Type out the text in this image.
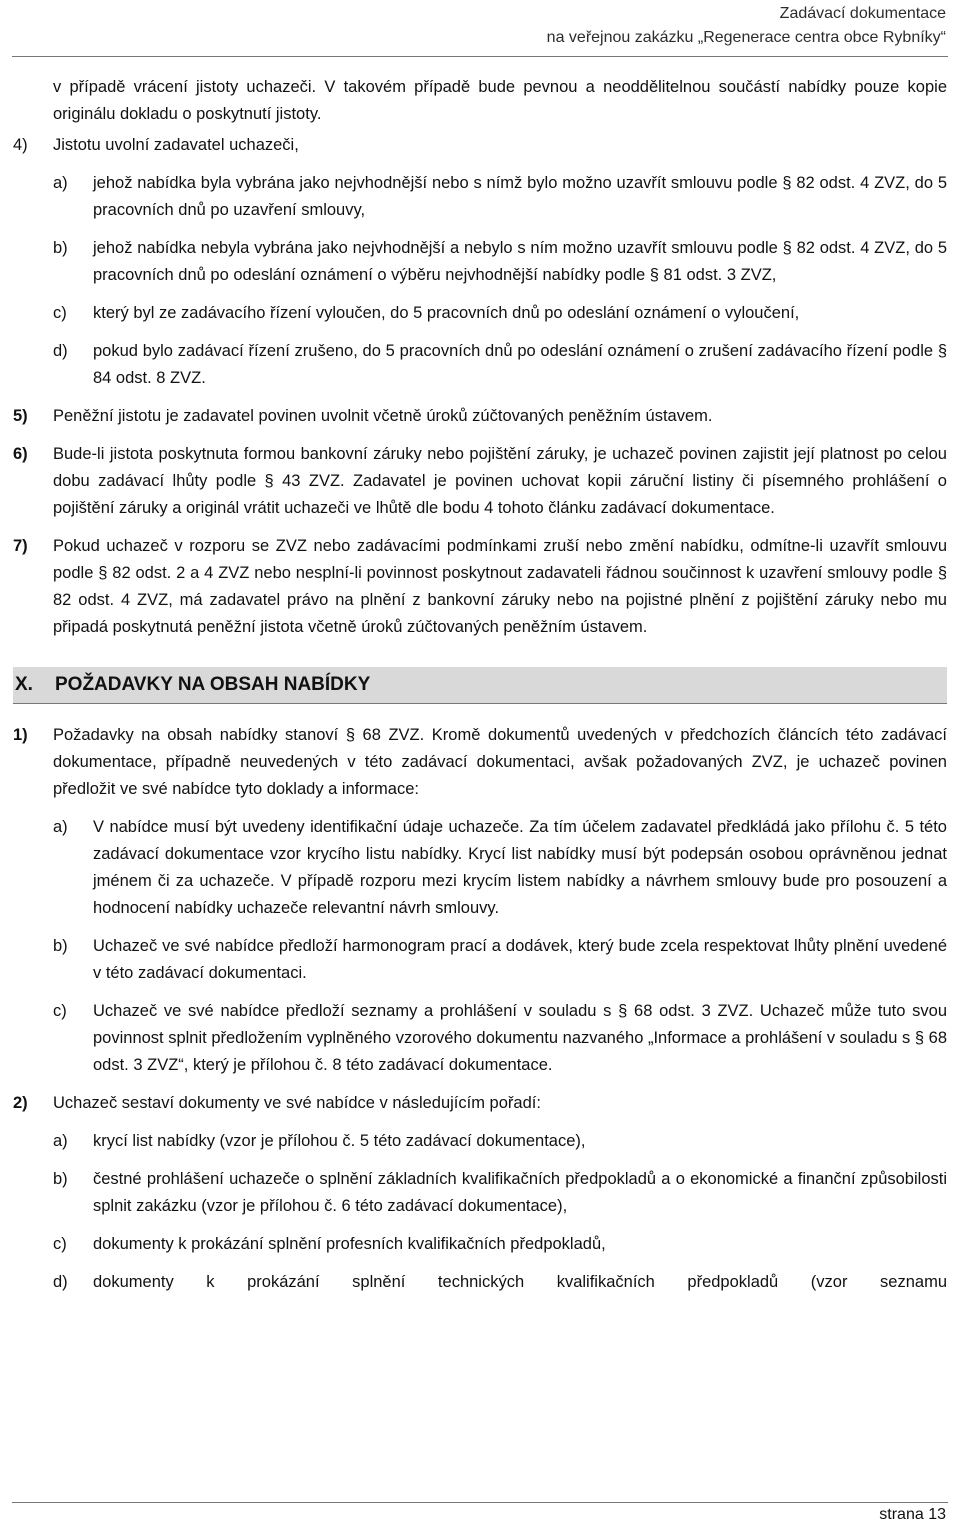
Zadávací dokumentace
na veřejnou zakázku „Regenerace centra obce Rybníky“

v případě vrácení jistoty uchazeči. V takovém případě bude pevnou a neoddělitelnou součástí nabídky pouze kopie originálu dokladu o poskytnutí jistoty.

4)	Jistotu uvolní zadavatel uchazeči,

a)	jehož nabídka byla vybrána jako nejvhodnější nebo s nímž bylo možno uzavřít smlouvu podle § 82 odst. 4 ZVZ, do 5 pracovních dnů po uzavření smlouvy,

b)	jehož nabídka nebyla vybrána jako nejvhodnější a nebylo s ním možno uzavřít smlouvu podle § 82 odst. 4 ZVZ, do 5 pracovních dnů po odeslání oznámení o výběru nejvhodnější nabídky podle § 81 odst. 3 ZVZ,

c)	který byl ze zadávacího řízení vyloučen, do 5 pracovních dnů po odeslání oznámení o vyloučení,

d)	pokud bylo zadávací řízení zrušeno, do 5 pracovních dnů po odeslání oznámení o zrušení zadávacího řízení podle § 84 odst. 8 ZVZ.

5)	Peněžní jistotu je zadavatel povinen uvolnit včetně úroků zúčtovaných peněžním ústavem.

6)	Bude-li jistota poskytnuta formou bankovní záruky nebo pojištění záruky, je uchazeč povinen zajistit její platnost po celou dobu zadávací lhůty podle § 43 ZVZ. Zadavatel je povinen uchovat kopii záruční listiny či písemného prohlášení o pojištění záruky a originál vrátit uchazeči ve lhůtě dle bodu 4 tohoto článku zadávací dokumentace.

7)	Pokud uchazeč v rozporu se ZVZ nebo zadávacími podmínkami zruší nebo změní nabídku, odmítne-li uzavřít smlouvu podle § 82 odst. 2 a 4 ZVZ nebo nesplní-li povinnost poskytnout zadavateli řádnou součinnost k uzavření smlouvy podle § 82 odst. 4 ZVZ, má zadavatel právo na plnění z bankovní záruky nebo na pojistné plnění z pojištění záruky nebo mu připadá poskytnutá peněžní jistota včetně úroků zúčtovaných peněžním ústavem.

X.	POŽADAVKY NA OBSAH NABÍDKY
1)	Požadavky na obsah nabídky stanoví § 68 ZVZ. Kromě dokumentů uvedených v předchozích článcích této zadávací dokumentace, případně neuvedených v této zadávací dokumentaci, avšak požadovaných ZVZ, je uchazeč povinen předložit ve své nabídce tyto doklady a informace:

a)	V nabídce musí být uvedeny identifikační údaje uchazeče. Za tím účelem zadavatel předkládá jako přílohu č. 5 této zadávací dokumentace vzor krycího listu nabídky. Krycí list nabídky musí být podepsán osobou oprávněnou jednat jménem či za uchazeče. V případě rozporu mezi krycím listem nabídky a návrhem smlouvy bude pro posouzení a hodnocení nabídky uchazeče relevantní návrh smlouvy.

b)	Uchazeč ve své nabídce předloží harmonogram prací a dodávek, který bude zcela respektovat lhůty plnění uvedené v této zadávací dokumentaci.

c)	Uchazeč ve své nabídce předloží seznamy a prohlášení v souladu s § 68 odst. 3 ZVZ. Uchazeč může tuto svou povinnost splnit předložením vyplněného vzorového dokumentu nazvaného „Informace a prohlášení v souladu s § 68 odst. 3 ZVZ“, který je přílohou č. 8 této zadávací dokumentace.

2)	Uchazeč sestaví dokumenty ve své nabídce v následujícím pořadí:

a)	krycí list nabídky (vzor je přílohou č. 5 této zadávací dokumentace),

b)	čestné prohlášení uchazeče o splnění základních kvalifikačních předpokladů a o ekonomické a finanční způsobilosti splnit zakázku (vzor je přílohou č. 6 této zadávací dokumentace),

c)	dokumenty k prokázání splnění profesních kvalifikačních předpokladů,

d)	dokumenty k prokázání splnění technických kvalifikačních předpokladů (vzor seznamu

strana 13
